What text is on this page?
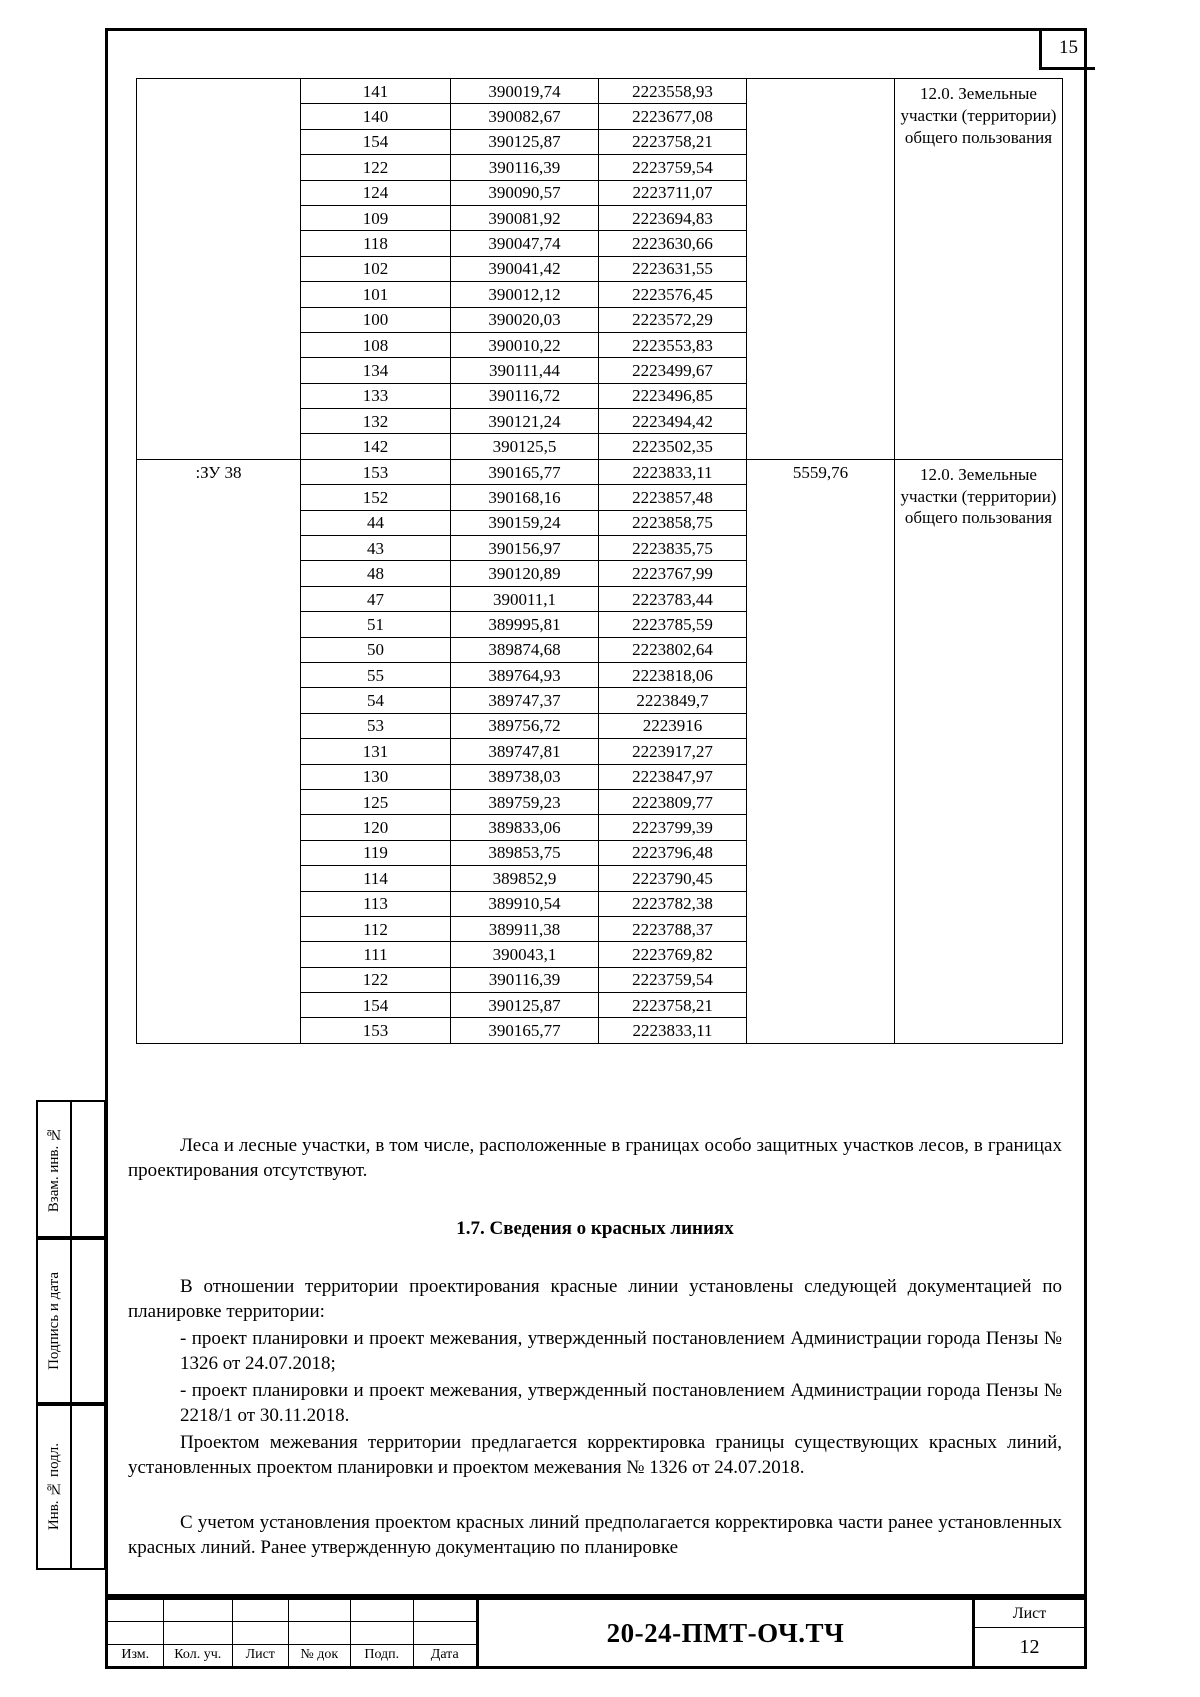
15
	141	390019,74	2223558,93		12.0. Земельные участки (территории) общего пользования

	140	390082,67	2223677,08		
	154	390125,87	2223758,21		
	122	390116,39	2223759,54		
	124	390090,57	2223711,07		
	109	390081,92	2223694,83		
	118	390047,74	2223630,66		
	102	390041,42	2223631,55		
	101	390012,12	2223576,45		
	100	390020,03	2223572,29		
	108	390010,22	2223553,83		
	134	390111,44	2223499,67		
	133	390116,72	2223496,85		
	132	390121,24	2223494,42		
	142	390125,5	2223502,35		
:ЗУ 38	153	390165,77	2223833,11	5559,76	12.0. Земельные участки (территории) общего пользования

	152	390168,16	2223857,48		
	44	390159,24	2223858,75		
	43	390156,97	2223835,75		
	48	390120,89	2223767,99		
	47	390011,1	2223783,44		
	51	389995,81	2223785,59		
	50	389874,68	2223802,64		
	55	389764,93	2223818,06		
	54	389747,37	2223849,7		
	53	389756,72	2223916		
	131	389747,81	2223917,27		
	130	389738,03	2223847,97		
	125	389759,23	2223809,77		
	120	389833,06	2223799,39		
	119	389853,75	2223796,48		
	114	389852,9	2223790,45		
	113	389910,54	2223782,38		
	112	389911,38	2223788,37		
	111	390043,1	2223769,82		
	122	390116,39	2223759,54		
	154	390125,87	2223758,21		
	153	390165,77	2223833,11		

Леса и лесные участки, в том числе, расположенные в границах особо защитных участков лесов, в границах проектирования отсутствуют.

1.7. Сведения о красных линиях

В отношении территории проектирования красные линии установлены следующей документацией по планировке территории:

- проект планировки и проект межевания, утвержденный постановлением Администрации города Пензы № 1326 от 24.07.2018;

- проект планировки и проект межевания, утвержденный постановлением Администрации города Пензы № 2218/1 от 30.11.2018.

Проектом межевания территории предлагается корректировка границы существующих красных линий, установленных проектом планировки и проектом межевания № 1326 от 24.07.2018.

С учетом установления проектом красных линий предполагается корректировка части ранее установленных красных линий. Ранее утвержденную документацию по планировке

Взам. инв. №
Подпись и дата
Инв. № подл.
Изм.	Кол. уч.	Лист	№ док	Подп.	Дата
20-24-ПМТ-ОЧ.ТЧ
Лист
12
